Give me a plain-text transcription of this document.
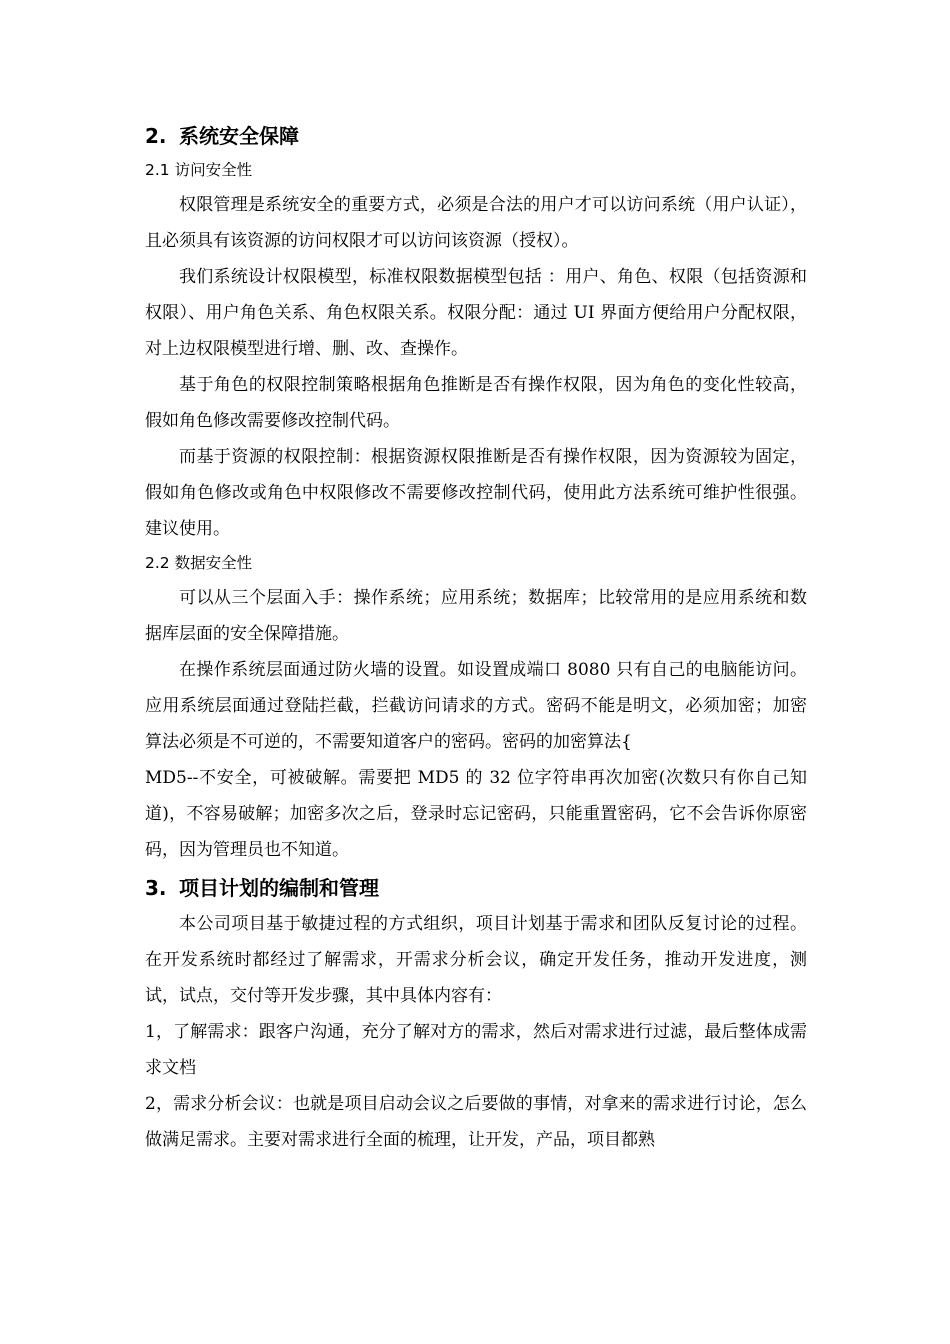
2. 系统安全保障
2.1 访问安全性

权限管理是系统安全的重要方式，必须是合法的用户才可以访问系统（用户认证），且必须具有该资源的访问权限才可以访问该资源（授权）。

我们系统设计权限模型，标准权限数据模型包括 ：用户、角色、权限（包括资源和权限）、用户角色关系、角色权限关系。权限分配：通过 UI 界面方便给用户分配权限，对上边权限模型进行增、删、改、查操作。

基于角色的权限控制策略根据角色推断是否有操作权限，因为角色的变化性较高，假如角色修改需要修改控制代码。

而基于资源的权限控制：根据资源权限推断是否有操作权限，因为资源较为固定，假如角色修改或角色中权限修改不需要修改控制代码，使用此方法系统可维护性很强。建议使用。

2.2 数据安全性

可以从三个层面入手：操作系统；应用系统；数据库；比较常用的是应用系统和数据库层面的安全保障措施。

在操作系统层面通过防火墙的设置。如设置成端口 8080 只有自己的电脑能访问。应用系统层面通过登陆拦截，拦截访问请求的方式。密码不能是明文，必须加密；加密算法必须是不可逆的，不需要知道客户的密码。密码的加密算法{

MD5--不安全，可被破解。需要把 MD5 的 32 位字符串再次加密(次数只有你自己知道)，不容易破解；加密多次之后，登录时忘记密码，只能重置密码，它不会告诉你原密码，因为管理员也不知道。

3. 项目计划的编制和管理

本公司项目基于敏捷过程的方式组织，项目计划基于需求和团队反复讨论的过程。在开发系统时都经过了解需求，开需求分析会议，确定开发任务，推动开发进度，测试，试点，交付等开发步骤，其中具体内容有：

1，了解需求：跟客户沟通，充分了解对方的需求，然后对需求进行过滤，最后整体成需求文档

2，需求分析会议：也就是项目启动会议之后要做的事情，对拿来的需求进行讨论，怎么做满足需求。主要对需求进行全面的梳理，让开发，产品，项目都熟
